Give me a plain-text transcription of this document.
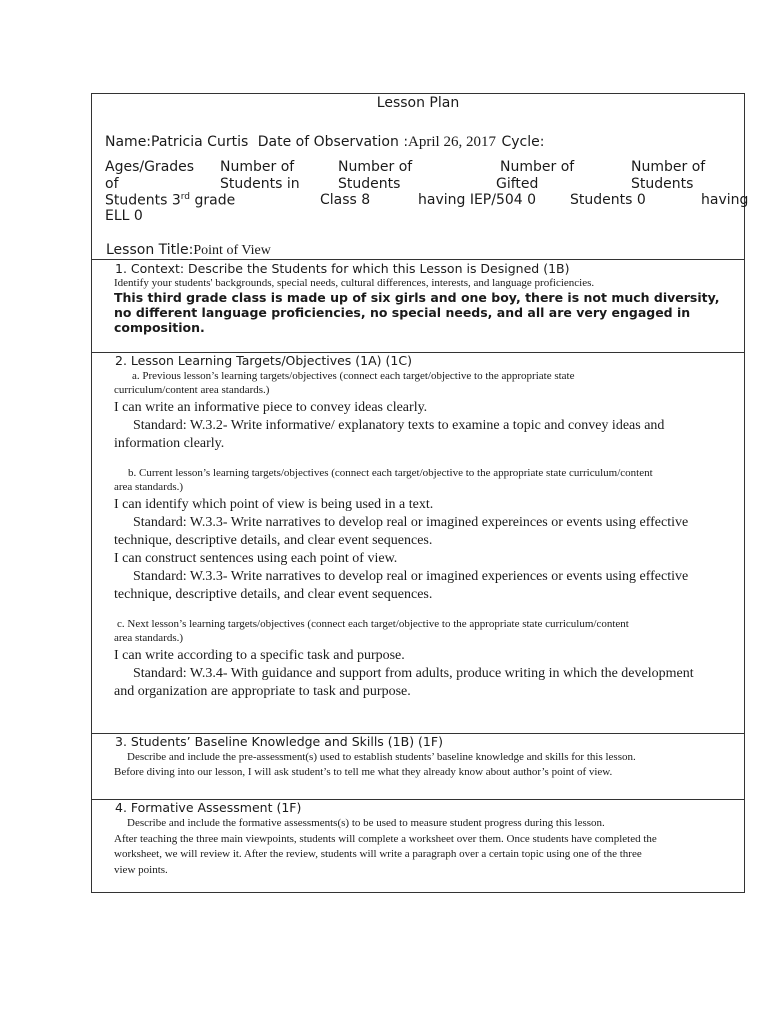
Lesson Plan
Name:Patricia Curtis Date of Observation :April 26, 2017 Cycle:
Ages/Grades
of
Students 3rd grade
Number of
Students in
Class 8
Number of
Students
having IEP/504 0
Number of
Gifted
Students 0
Number of
Students
having
ELL 0
Lesson Title:Point of View
1. Context: Describe the Students for which this Lesson is Designed (1B)
Identify your students' backgrounds, special needs, cultural differences, interests, and language proficiencies.
This third grade class is made up of six girls and one boy, there is not much diversity,
no different language proficiencies, no special needs, and all are very engaged in
composition.
2. Lesson Learning Targets/Objectives (1A) (1C)
a. Previous lesson’s learning targets/objectives (connect each target/objective to the appropriate state
curriculum/content area standards.)
I can write an informative piece to convey ideas clearly.
Standard: W.3.2- Write informative/ explanatory texts to examine a topic and convey ideas and
information clearly.
b. Current lesson’s learning targets/objectives (connect each target/objective to the appropriate state curriculum/content
area standards.)
I can identify which point of view is being used in a text.
Standard: W.3.3- Write narratives to develop real or imagined expereinces or events using effective
technique, descriptive details, and clear event sequences.
I can construct sentences using each point of view.
Standard: W.3.3- Write narratives to develop real or imagined experiences or events using effective
technique, descriptive details, and clear event sequences.
c. Next lesson’s learning targets/objectives (connect each target/objective to the appropriate state curriculum/content
area standards.)
I can write according to a specific task and purpose.
Standard: W.3.4- With guidance and support from adults, produce writing in which the development
and organization are appropriate to task and purpose.
3. Students’ Baseline Knowledge and Skills (1B) (1F)
Describe and include the pre-assessment(s) used to establish students’ baseline knowledge and skills for this lesson.
Before diving into our lesson, I will ask student’s to tell me what they already know about author’s point of view.
4. Formative Assessment (1F)
Describe and include the formative assessments(s) to be used to measure student progress during this lesson.
After teaching the three main viewpoints, students will complete a worksheet over them. Once students have completed the
worksheet, we will review it. After the review, students will write a paragraph over a certain topic using one of the three
view points.
